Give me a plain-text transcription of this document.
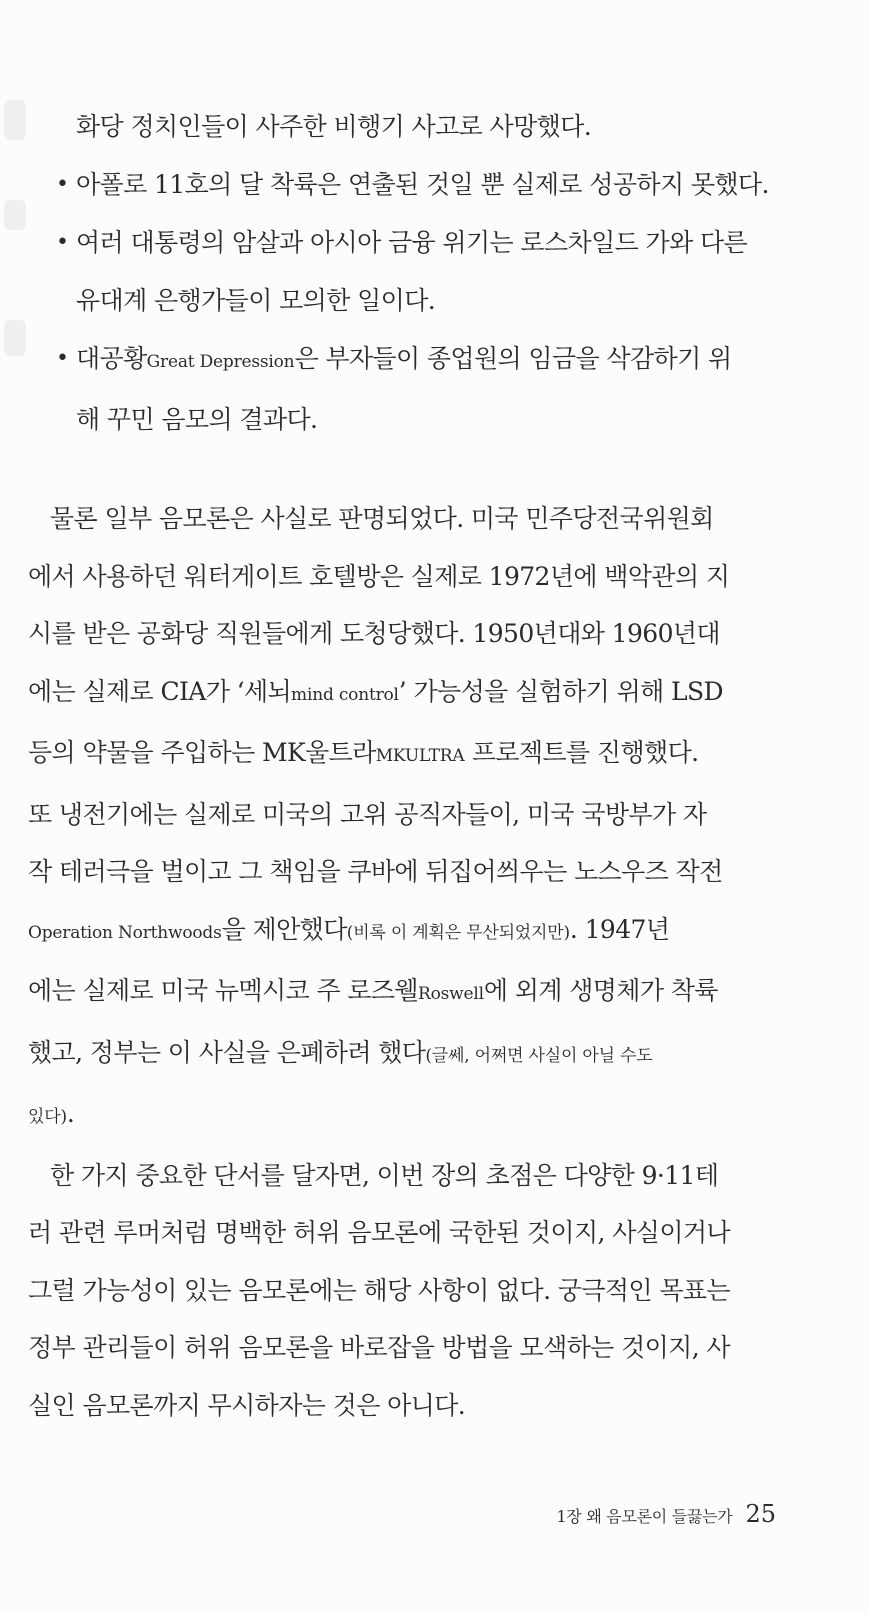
화당 정치인들이 사주한 비행기 사고로 사망했다.
• 아폴로 11호의 달 착륙은 연출된 것일 뿐 실제로 성공하지 못했다.
• 여러 대통령의 암살과 아시아 금융 위기는 로스차일드 가와 다른
유대계 은행가들이 모의한 일이다.
• 대공황Great Depression은 부자들이 종업원의 임금을 삭감하기 위
해 꾸민 음모의 결과다.
물론 일부 음모론은 사실로 판명되었다. 미국 민주당전국위원회
에서 사용하던 워터게이트 호텔방은 실제로 1972년에 백악관의 지
시를 받은 공화당 직원들에게 도청당했다. 1950년대와 1960년대
에는 실제로 CIA가 ‘세뇌mind control’ 가능성을 실험하기 위해 LSD
등의 약물을 주입하는 MK울트라MKULTRA 프로젝트를 진행했다.
또 냉전기에는 실제로 미국의 고위 공직자들이, 미국 국방부가 자
작 테러극을 벌이고 그 책임을 쿠바에 뒤집어씌우는 노스우즈 작전
Operation Northwoods을 제안했다(비록 이 계획은 무산되었지만). 1947년
에는 실제로 미국 뉴멕시코 주 로즈웰Roswell에 외계 생명체가 착륙
했고, 정부는 이 사실을 은폐하려 했다(글쎄, 어쩌면 사실이 아닐 수도
있다).
한 가지 중요한 단서를 달자면, 이번 장의 초점은 다양한 9·11테
러 관련 루머처럼 명백한 허위 음모론에 국한된 것이지, 사실이거나
그럴 가능성이 있는 음모론에는 해당 사항이 없다. 궁극적인 목표는
정부 관리들이 허위 음모론을 바로잡을 방법을 모색하는 것이지, 사
실인 음모론까지 무시하자는 것은 아니다.
1장 왜 음모론이 들끓는가 25
